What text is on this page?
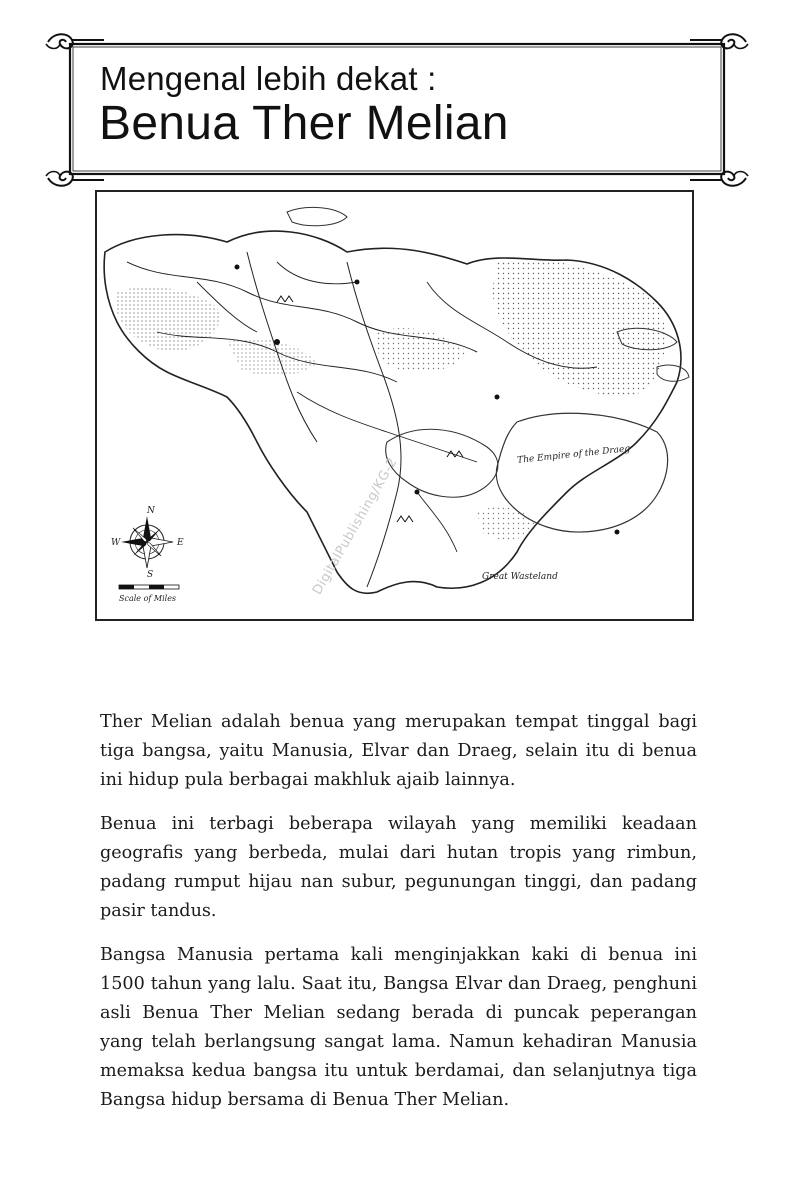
Mengenal lebih dekat :
Benua Ther Melian
N
S
E
W
Scale of Miles
Great Wasteland
The Empire of the Draeg
DigitalPublishing/KG-2

Ther Melian adalah benua yang merupakan tempat tinggal bagi tiga bangsa, yaitu Manusia, Elvar dan Draeg, selain itu di benua ini hidup pula berbagai makhluk ajaib lainnya.

Benua ini terbagi beberapa wilayah yang memiliki keadaan geografis yang berbeda, mulai dari hutan tropis yang rimbun, padang rumput hijau nan subur, pegunungan tinggi, dan padang pasir tandus.

Bangsa Manusia pertama kali menginjakkan kaki di benua ini 1500 tahun yang lalu. Saat itu, Bangsa Elvar dan Draeg, penghuni asli Benua Ther Melian sedang berada di puncak peperangan yang telah berlangsung sangat lama. Namun kehadiran Manusia memaksa kedua bangsa itu untuk berdamai, dan selanjutnya tiga Bangsa hidup bersama di Benua Ther Melian.
